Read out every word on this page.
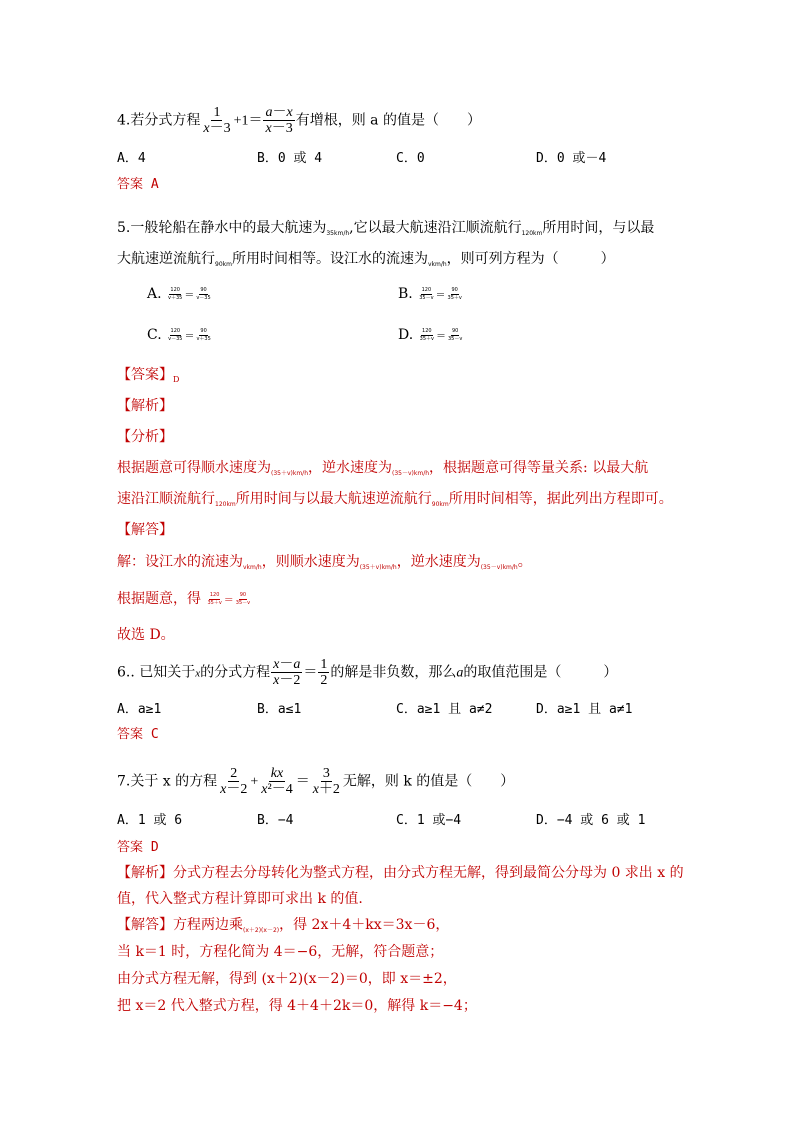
4.若分式方程 $\frac{1}{x-3} +1= \frac{a-x}{x-3}$ 有增根，则 a 的值是（　　）
A．4	B．0 或 4	C．0	D．0 或－4
答案 A
5.一般轮船在静水中的最大航速为$_{35km/h}$,它以最大航速沿江顺流航行$_{120km}$所用时间，与以最
大航速逆流航行$_{90km}$所用时间相等。设江水的流速为$_{vkm/h}$，则可列方程为（　　　）
A. $\frac{120}{v+35} = \frac{90}{v-35}$	B. $\frac{120}{35-v} = \frac{90}{35+v}$
C. $\frac{120}{v-35} = \frac{90}{v+35}$	D. $\frac{120}{35+v} = \frac{90}{35-v}$
【答案】$_D$
【解析】
【分析】
根据题意可得顺水速度为$_{(35+v)km/h}$，逆水速度为$_{(35-v)km/h}$，根据题意可得等量关系: 以最大航
速沿江顺流航行$_{120km}$所用时间与以最大航速逆流航行$_{90km}$所用时间相等，据此列出方程即可。
【解答】
解：设江水的流速为$_{vkm/h}$，则顺水速度为$_{(35+v)km/h}$，逆水速度为$_{(35-v)km/h}$。
根据题意，得 $\frac{120}{35+v} = \frac{90}{35-v}$
故选 D。
6.. 已知关于x的分式方程 $\frac{x-a}{x-2} = \frac{1}{2}$ 的解是非负数，那么a的取值范围是（　　　）
A．a≥1	B．a≤1	C．a≥1 且 a≠2	D．a≥1 且 a≠1
答案 C
7.关于 x 的方程 $\frac{2}{x-2} + \frac{kx}{\text{x²－4}} = \frac{3}{x+2}$ 无解，则 k 的值是（　　）
A．1 或 6	B．−4	C．1 或−4	D．−4 或 6 或 1
答案 D
【解析】分式方程去分母转化为整式方程，由分式方程无解，得到最简公分母为 0 求出 x 的
值，代入整式方程计算即可求出 k 的值.
【解答】方程两边乘$_{(x+2)(x-2)}$，得 2x＋4＋kx＝3x－6，
当 k＝1 时，方程化简为 4＝−6，无解，符合题意；
由分式方程无解，得到 (x＋2)(x－2)＝0，即 x＝±2，
把 x＝2 代入整式方程，得 4＋4＋2k＝0，解得 k＝−4；
